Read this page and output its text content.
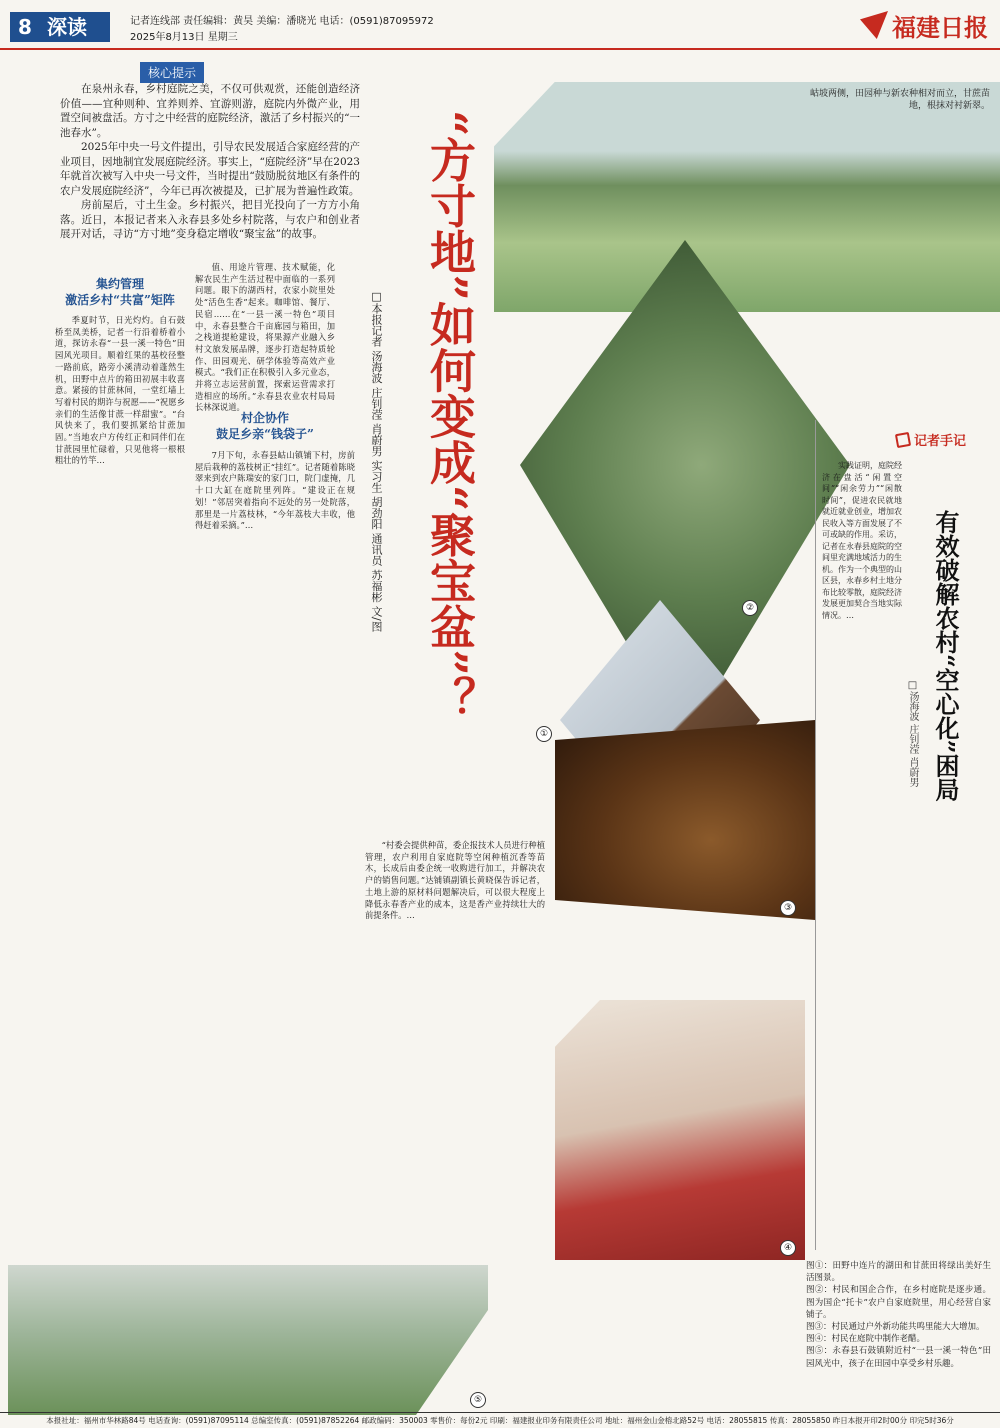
8 深读	记者连线部 责任编辑：黄昊 美编：潘晓光 电话：(0591)87095972
2025年8月13日 星期三	福建日报
核心提示

在泉州永春，乡村庭院之美，不仅可供观赏，还能创造经济价值——宜种则种、宜养则养、宜游则游，庭院内外微产业，用置空间被盘活。方寸之中经营的庭院经济，激活了乡村振兴的“一池春水”。

2025年中央一号文件提出，引导农民发展适合家庭经营的产业项目，因地制宜发展庭院经济。事实上，“庭院经济”早在2023年就首次被写入中央一号文件，当时提出“鼓励脱贫地区有条件的农户发展庭院经济”，今年已再次被提及，已扩展为普遍性政策。

房前屋后，寸土生金。乡村振兴，把目光投向了一方方小角落。近日，本报记者来入永春县多处乡村院落，与农户和创业者展开对话，寻访“方寸地”变身稳定增收“聚宝盆”的故事。	“方寸地”如何变成“聚宝盆”？
□本报记者 汤海波 庄钊滢 肖蔚男 实习生 胡劲阳 通讯员 苏福彬 文/图
岵坡两侧，田园种与新农种相对而立，甘蔗苗地，根抹对衬新翠。
①
②
③
④
⑤
集约管理
激活乡村“共富”矩阵
季夏时节，日光灼灼。自石鼓桥至凤美桥，记者一行沿着桥着小道，探访永春“一县一溪一特色”田园风光项目。顺着红果的基校径整一路前底，路旁小溪清动着蓬然生机，田野中点片的箱田初展丰收喜意。紧接的甘蔗林间，一堂红墙上写着村民的期许与祝愿——“祝愿乡亲们的生活像甘蔗一样甜蜜”。“台风快来了，我们要抓紧给甘蔗加固。”当地农户方传红正和同伴们在甘蔗园里忙碌着，只见他将一根根粗壮的竹竿…
值、用途片管理、技术赋能，化解农民生产生活过程中面临的一系列问题。眼下的湖西村，农家小院里处处“活色生香”起来。咖啡馆、餐厅、民宿……在“一县一溪一特色”项目中，永春县整合千亩廊园与箱田，加之栈道提枪建设，将果源产业融入乡村文旅发展品牌，逐步打造起特质轮作、田园观光、研学体验等高效产业模式。“我们正在积极引入多元业态，并将立志运营前置，探索运营需求打造相应的场所。”永春县农业农村局局长林深说道。
村企协作
鼓足乡亲“钱袋子”
7月下旬，永春县岵山镇铺下村，房前屋后栽种的荔枝树正“挂红”。记者随着陈晓翠来到农户陈瑞安的家门口，院门虚掩，几十口大缸在庭院里列阵。“建设正在规划！”邻居突着指向不远处的另一处院落，那里是一片荔枝林，“今年荔枝大丰收，他得赶着采摘。”…
“村委会提供种苗，委企报技术人员进行种植管理，农户利用自家庭院等空闲种植沉香等苗木，长成后由委企统一收购进行加工，并解决农户的销售问题。”达铺镇副镇长黄晓保告诉记者，土地上游的原材料问题解决后，可以很大程度上降低永春香产业的成本，这是香产业持续壮大的前提条件。…
图①：田野中连片的湖田和甘蔗田将绿出美好生活图景。
图②：村民和国企合作，在乡村庭院是逐步通。图为国企“托卡”农户自家庭院里，用心经营自家铺子。
图③：村民通过户外新功能共鸣里能大大增加。
图④：村民在庭院中制作老醋。
图⑤：永春县石鼓镇附近村“一县一溪一特色”田园风光中，孩子在田园中享受乡村乐趣。
记者手记
有效破解农村“空心化”困局
□汤海波 庄钊滢 肖蔚男
实践证明，庭院经济在盘活“闲置空间”“闲余劳力”“闲散时间”，促进农民就地就近就业创业，增加农民收入等方面发展了不可或缺的作用。采访，记者在永春县庭院的空间里充满地域活力的生机。作为一个典型的山区县，永春乡村土地分布比较零散，庭院经济发展更加契合当地实际情况。…
本报社址：福州市华林路84号 电话查询：(0591)87095114 总编室传真：(0591)87852264 邮政编码：350003 零售价：每份2元 印刷：福建报业印务有限责任公司 地址：福州金山金榕北路52号 电话：28055815 传真：28055850 昨日本报开印2时00分 印完5时36分
